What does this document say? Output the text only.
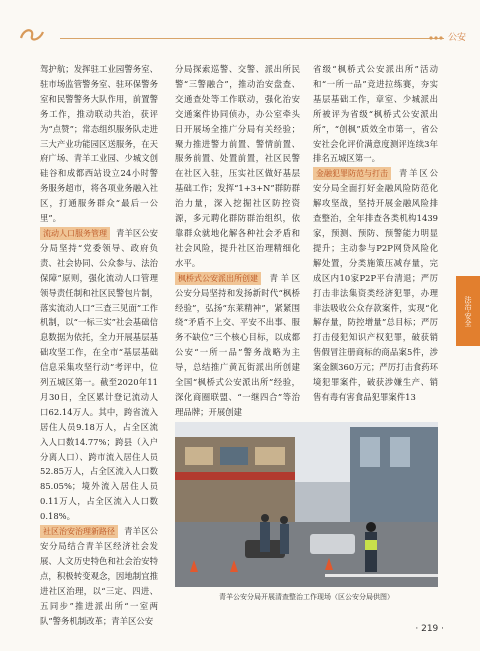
公安

驾护航；发挥驻工业园警务室、驻市场监管警务室、驻环保警务室和民警警务大队作用，前置警务工作，推动联动共治，获评为“点赞”；常态组织服务队走进三大产业功能园区送服务，在天府广场、青羊工业园、少城文创硅谷和成都西站设立24小时警务服务超市，将各项业务融入社区，打通服务群众“最后一公里”。

流动人口服务管理 青羊区公安分局坚持“党委领导、政府负责、社会协同、公众参与、法治保障”原则，强化流动人口管理领导责任制和社区民警包片制，落实流动人口“三查三见面”工作机制，以“一标三实”社会基础信息数据为依托，全力开展基层基础攻坚工作，在全市“基层基础信息采集攻坚行动”考评中，位列五城区第一。截至2020年11月30日，全区累计登记流动人口62.14万人。其中，跨省流入居住人员9.18万人，占全区流入人口数14.77%；跨县（入户分离人口）、跨市流入居住人员52.85万人，占全区流入人口数85.05%；境外流入居住人员0.11万人，占全区流入人口数0.18%。

社区治安治理新路径 青羊区公安分局结合青羊区经济社会发展、人文历史特色和社会治安特点，积极转变观念，因地制宜推进社区治理，以“三定、四进、五同步”推进派出所“一室两队”警务机制改革；青羊区公安

分局探索巡警、交警、派出所民警“三警融合”，推动治安盘查、交通查处等工作联动，强化治安交通案件协同侦办，办公室牵头日开展场全推广分局有关经验；聚力推进警力前置、警情前置、服务前置、处置前置，社区民警在社区入驻，压实社区做好基层基础工作；发挥“1+3+N”群防群治力量，深入挖掘社区防控资源，多元聘化群防群治组织，依靠群众就地化解各种社会矛盾和社会风险，提升社区治理精细化水平。

枫桥式公安派出所创建 青羊区公安分局坚持和发扬新时代“枫桥经验”，弘扬“东莱精神”，紧紧围绕“矛盾不上交、平安不出事、服务不缺位”三个核心目标，以成都公安“一所一品”警务战略为主导，总结推广黄瓦街派出所创建全国“枫桥式公安派出所”经验，深化商圈联盟、“一继四合”等治理品牌；开展创建

省级“枫桥式公安派出所”活动和“一所一品”竞进拉练赛，夯实基层基础工作，章室、少城派出所被评为省级“枫桥式公安派出所”，“创枫”质效全市第一，省公安社会化评价满意度测评连续3年排名五城区第一。

金融犯罪防范与打击 青羊区公安分局全面打好金融风险防范化解攻坚战，坚持开展金融风险排查整治，全年排查各类机构1439家，预测、预防、预警能力明显提升；主动参与P2P网贷风险化解处置，分类施策压减存量，完成区内10家P2P平台清退；严厉打击非法集资类经济犯罪，办理非法吸收公众存款案件，实现“化解存量，防控增量”总目标；严厉打击侵犯知识产权犯罪，破获销售假冒注册商标的商品案5件，涉案金额360万元；严厉打击食药环境犯罪案件，破获涉嫌生产、销售有毒有害食品犯罪案件13

法治·安全
青羊公安分局开展清查整治工作现场（区公安分局供图）
· 219 ·
